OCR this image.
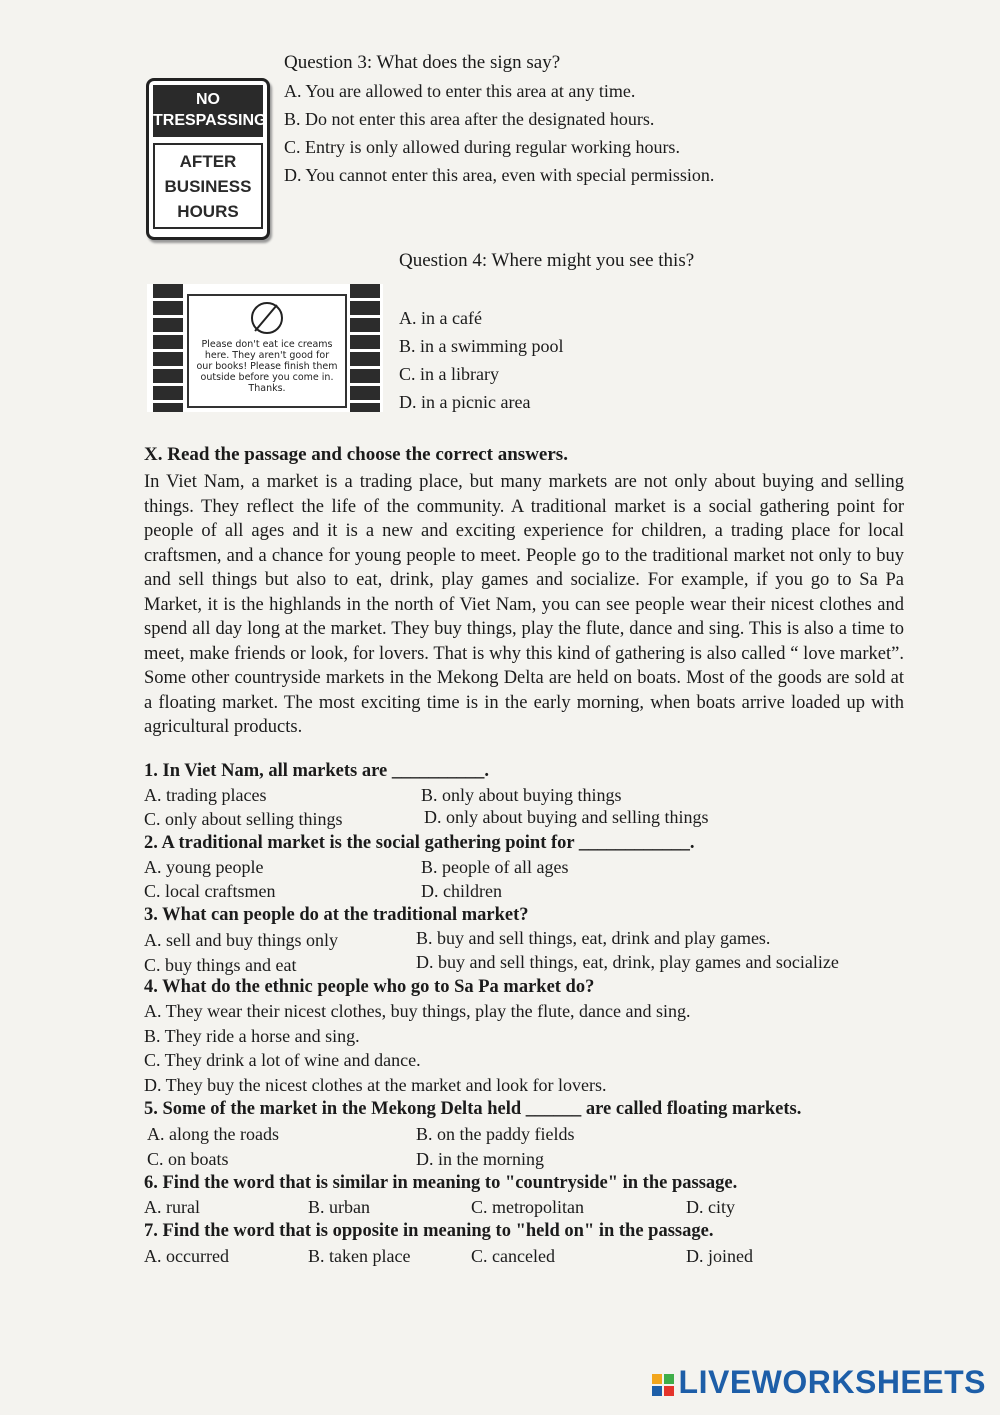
Question 3: What does the sign say?
NO
TRESPASSING
AFTER
BUSINESS
HOURS
A. You are allowed to enter this area at any time.
B. Do not enter this area after the designated hours.
C. Entry is only allowed during regular working hours.
D. You cannot enter this area, even with special permission.
Question 4: Where might you see this?
Please don't eat ice creams
here. They aren't good for
our books! Please finish them
outside before you come in.
Thanks.
A. in a café
B. in a swimming pool
C. in a library
D. in a picnic area
X. Read the passage and choose the correct answers.
In Viet Nam, a market is a trading place, but many markets are not only about buying and selling things. They reflect the life of the community. A traditional market is a social gathering point for people of all ages and it is a new and exciting experience for children, a trading place for local craftsmen, and a chance for young people to meet. People go to the traditional market not only to buy and sell things but also to eat, drink, play games and socialize. For example, if you go to Sa Pa Market, it is the highlands in the north of Viet Nam, you can see people wear their nicest clothes and spend all day long at the market. They buy things, play the flute, dance and sing. This is also a time to meet, make friends or look, for lovers. That is why this kind of gathering is also called “ love market”. Some other countryside markets in the Mekong Delta are held on boats. Most of the goods are sold at a floating market. The most exciting time is in the early morning, when boats arrive loaded up with agricultural products.
1. In Viet Nam, all markets are __________.
A. trading places	B. only about buying things
C. only about selling things	D. only about buying and selling things
2. A traditional market is the social gathering point for ____________.
A. young people	B. people of all ages
C. local craftsmen	D. children
3. What can people do at the traditional market?
A. sell and buy things only	B. buy and sell things, eat, drink and play games.
C. buy things and eat	D. buy and sell things, eat, drink, play games and socialize
4. What do the ethnic people who go to Sa Pa market do?
A. They wear their nicest clothes, buy things, play the flute, dance and sing.
B. They ride a horse and sing.
C. They drink a lot of wine and dance.
D. They buy the nicest clothes at the market and look for lovers.
5. Some of the market in the Mekong Delta held ______ are called floating markets.
A. along the roads	B. on the paddy fields
C. on boats	D. in the morning
6. Find the word that is similar in meaning to "countryside" in the passage.
A. rural	B. urban	C. metropolitan	D. city
7. Find the word that is opposite in meaning to "held on" in the passage.
A. occurred	B. taken place	C. canceled	D. joined
LIVEWORKSHEETS
